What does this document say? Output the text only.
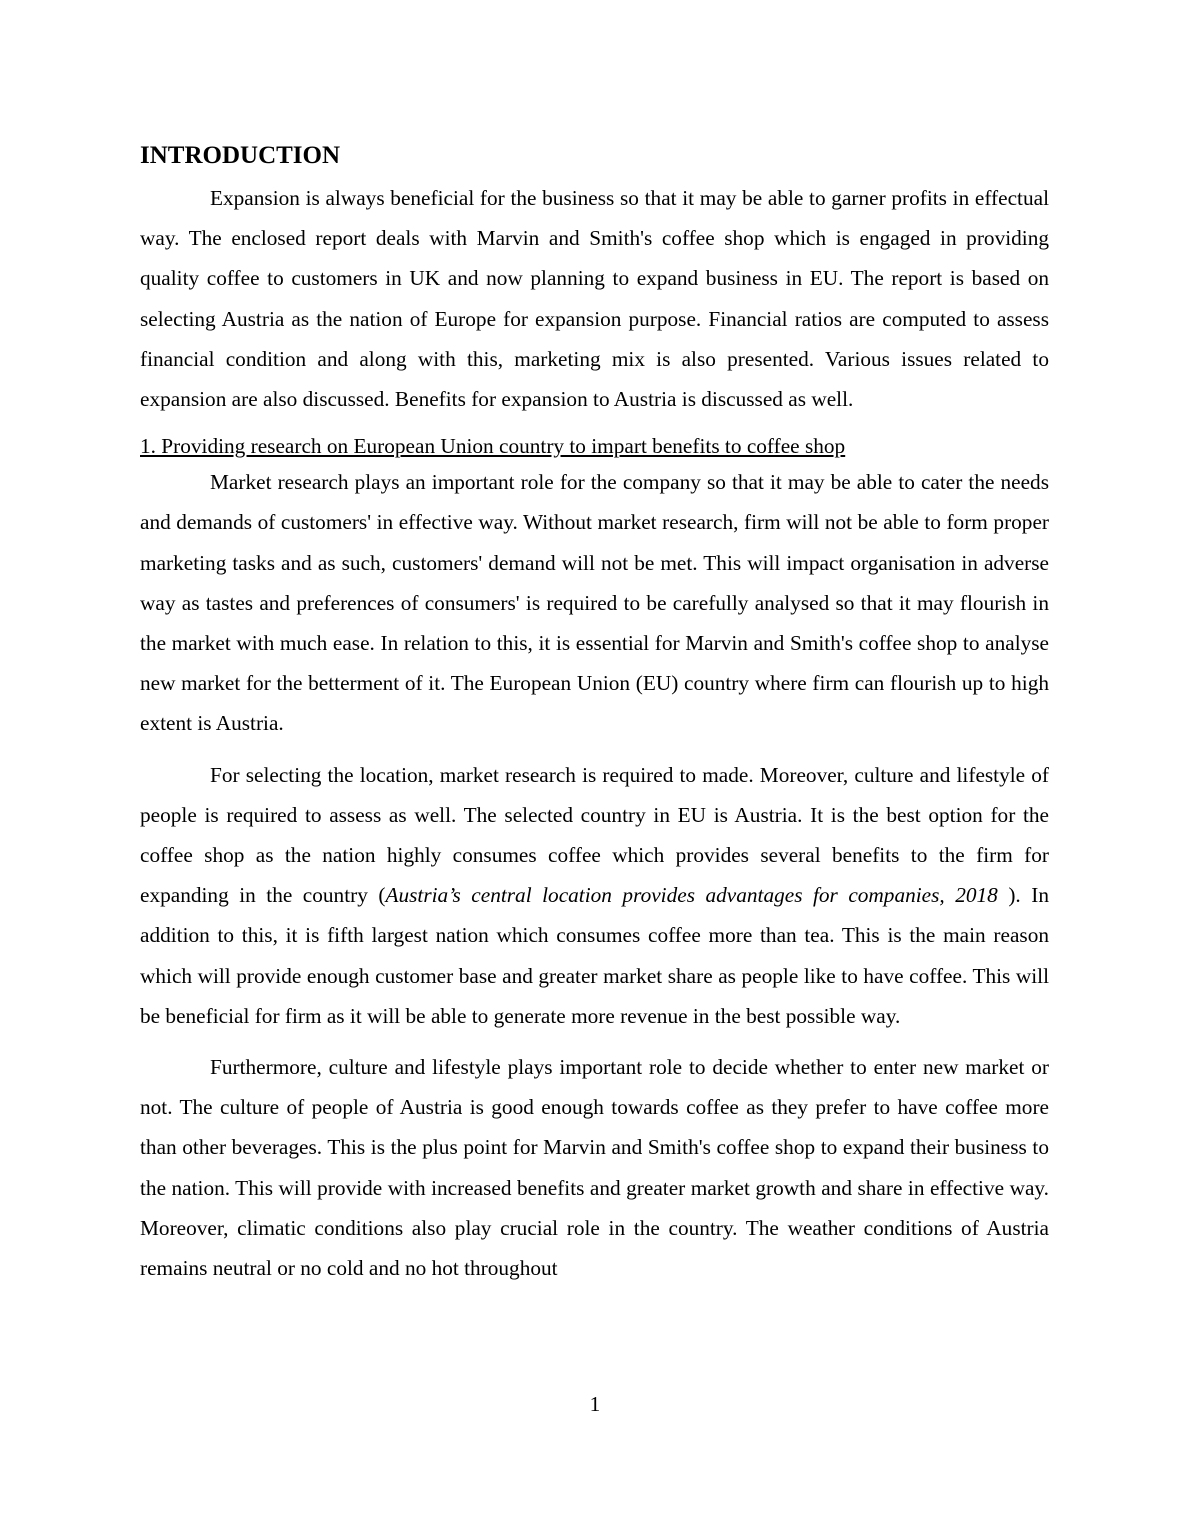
INTRODUCTION

Expansion is always beneficial for the business so that it may be able to garner profits in effectual way. The enclosed report deals with Marvin and Smith's coffee shop which is engaged in providing quality coffee to customers in UK and now planning to expand business in EU. The report is based on selecting Austria as the nation of Europe for expansion purpose. Financial ratios are computed to assess financial condition and along with this, marketing mix is also presented. Various issues related to expansion are also discussed. Benefits for expansion to Austria is discussed as well.

1. Providing research on European Union country to impart benefits to coffee shop

Market research plays an important role for the company so that it may be able to cater the needs and demands of customers' in effective way. Without market research, firm will not be able to form proper marketing tasks and as such, customers' demand will not be met. This will impact organisation in adverse way as tastes and preferences of consumers' is required to be carefully analysed so that it may flourish in the market with much ease. In relation to this, it is essential for Marvin and Smith's coffee shop to analyse new market for the betterment of it. The European Union (EU) country where firm can flourish up to high extent is Austria.

For selecting the location, market research is required to made. Moreover, culture and lifestyle of people is required to assess as well. The selected country in EU is Austria. It is the best option for the coffee shop as the nation highly consumes coffee which provides several benefits to the firm for expanding in the country (Austria’s central location provides advantages for companies, 2018 ). In addition to this, it is fifth largest nation which consumes coffee more than tea. This is the main reason which will provide enough customer base and greater market share as people like to have coffee. This will be beneficial for firm as it will be able to generate more revenue in the best possible way.

Furthermore, culture and lifestyle plays important role to decide whether to enter new market or not. The culture of people of Austria is good enough towards coffee as they prefer to have coffee more than other beverages. This is the plus point for Marvin and Smith's coffee shop to expand their business to the nation. This will provide with increased benefits and greater market growth and share in effective way. Moreover, climatic conditions also play crucial role in the country. The weather conditions of Austria remains neutral or no cold and no hot throughout

1
